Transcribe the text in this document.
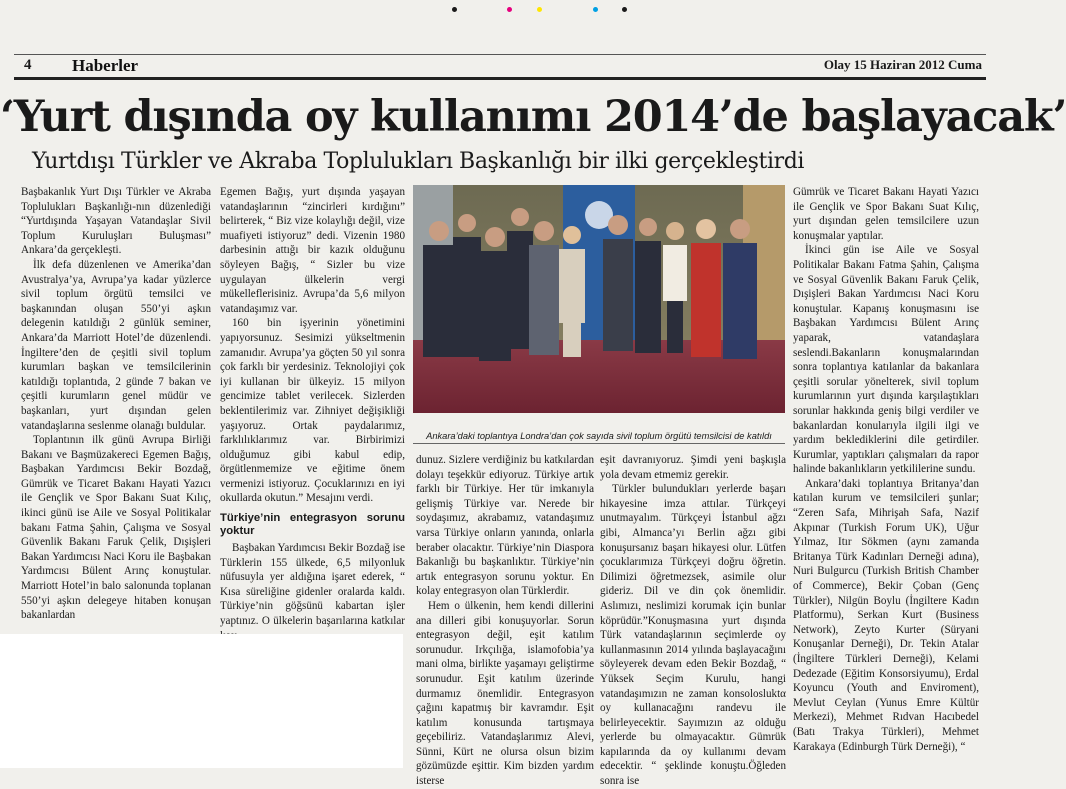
4 Haberler	Olay 15 Haziran 2012 Cuma
‘Yurt dışında oy kullanımı 2014’de başlayacak’
Yurtdışı Türkler ve Akraba Toplulukları Başkanlığı bir ilki gerçekleştirdi

Başbakanlık Yurt Dışı Türkler ve Akraba Toplulukları Başkanlığı-nın düzenlediği “Yurtdışında Yaşayan Vatandaşlar Sivil Toplum Kuruluşları Buluşması” Ankara’da gerçekleşti.

İlk defa düzenlenen ve Amerika’dan Avustralya’ya, Avrupa’ya kadar yüzlerce sivil toplum örgütü temsilci ve başkanından oluşan 550’yi aşkın delegenin katıldığı 2 günlük seminer, Ankara’da Marriott Hotel’de düzenlendi. İngiltere’den de çeşitli sivil toplum kurumları başkan ve temsilcilerinin katıldığı toplantıda, 2 günde 7 bakan ve çeşitli kurumların genel müdür ve başkanları, yurt dışından gelen vatandaşlarına seslenme olanağı buldular.

Toplantının ilk günü Avrupa Birliği Bakanı ve Başmüzakereci Egemen Bağış, Başbakan Yardımcısı Bekir Bozdağ, Gümrük ve Ticaret Bakanı Hayati Yazıcı ile Gençlik ve Spor Bakanı Suat Kılıç, ikinci günü ise Aile ve Sosyal Politikalar bakanı Fatma Şahin, Çalışma ve Sosyal Güvenlik Bakanı Faruk Çelik, Dışişleri Bakan Yardımcısı Naci Koru ile Başbakan Yardımcısı Bülent Arınç konuştular. Marriott Hotel’in balo salonunda toplanan 550’yi aşkın delegeye hitaben konuşan bakanlardan

Egemen Bağış, yurt dışında yaşayan vatandaşlarının “zincirleri kırdığını” belirterek, “ Biz vize kolaylığı değil, vize muafiyeti istiyoruz” dedi. Vizenin 1980 darbesinin attığı bir kazık olduğunu söyleyen Bağış, “ Sizler bu vize uygulayan ülkelerin vergi mükelleflerisiniz. Avrupa’da 5,6 milyon vatandaşımız var.

160 bin işyerinin yönetimini yapıyorsunuz. Sesimizi yükseltmenin zamanıdır. Avrupa’ya göçten 50 yıl sonra çok farklı bir yerdesiniz. Teknolojiyi çok iyi kullanan bir ülkeyiz. 15 milyon gencimize tablet verilecek. Sizlerden beklentilerimiz var. Zihniyet değişikliği yaşıyoruz. Ortak paydalarımız, farklılıklarımız var. Birbirimizi olduğumuz gibi kabul edip, örgütlenmemize ve eğitime önem vermenizi istiyoruz. Çocuklarınızı en iyi okullarda okutun.” Mesajını verdi.

Türkiye’nin entegrasyon sorunu yoktur

Başbakan Yardımcısı Bekir Bozdağ ise Türklerin 155 ülkede, 6,5 milyonluk nüfusuyla yer aldığına işaret ederek, “ Kısa süreliğine gidenler oralarda kaldı. Türkiye’nin göğsünü kabartan işler yaptınız. O ülkelerin başarılarına katkılar

Ankara’daki toplantıya Londra’dan çok sayıda sivil toplum örgütü temsilcisi de katıldı

dunuz. Sizlere verdiğiniz bu katkılardan dolayı teşekkür ediyoruz. Türkiye artık farklı bir Türkiye. Her tür imkanıyla gelişmiş Türkiye var. Nerede bir soydaşımız, akrabamız, vatandaşımız varsa Türkiye onların yanında, onlarla beraber olacaktır. Türkiye’nin Diaspora Bakanlığı bu başkanlıktır. Türkiye’nin artık entegrasyon sorunu yoktur. En kolay entegrasyon olan Türklerdir.

Hem o ülkenin, hem kendi dillerini ana dilleri gibi konuşuyorlar. Sorun entegrasyon değil, eşit katılım sorunudur. Irkçılığa, islamofobia’ya mani olma, birlikte yaşamayı geliştirme sorunudur. Eşit katılım üzerinde durmamız önemlidir. Entegrasyon çağını kapatmış bir kavramdır. Eşit katılım konusunda tartışmaya geçebiliriz. Vatandaşlarımız Alevi, Sünni, Kürt ne olursa olsun bizim gözümüzde eşittir. Kim bizden yardım isterse

eşit davranıyoruz. Şimdi yeni başkışla yola devam etmemiz gerekir.

Türkler bulundukları yerlerde başarı hikayesine imza attılar. Türkçeyi unutmayalım. Türkçeyi İstanbul ağzı gibi, Almanca’yı Berlin ağzı gibi konuşursanız başarı hikayesi olur. Lütfen çocuklarımıza Türkçeyi doğru öğretin. Dilimizi öğretmezsek, asimile olur gideriz. Dil ve din çok önemlidir. Aslımızı, neslimizi korumak için bunlar köprüdür.”Konuşmasına yurt dışında Türk vatandaşlarının seçimlerde oy kullanmasının 2014 yılında başlayacağını söyleyerek devam eden Bekir Bozdağ, “ Yüksek Seçim Kurulu, hangi vatandaşımızın ne zaman konsolosluktα oy kullanacağını randevu ile belirleyecektir. Sayımızın az olduğu yerlerde bu olmayacaktır. Gümrük kapılarında da oy kullanımı devam edecektir. “ şeklinde konuştu.Öğleden sonra ise

Gümrük ve Ticaret Bakanı Hayati Yazıcı ile Gençlik ve Spor Bakanı Suat Kılıç, yurt dışından gelen temsilcilere uzun konuşmalar yaptılar.

İkinci gün ise Aile ve Sosyal Politikalar Bakanı Fatma Şahin, Çalışma ve Sosyal Güvenlik Bakanı Faruk Çelik, Dışişleri Bakan Yardımcısı Naci Koru konuştular. Kapanış konuşmasını ise Başbakan Yardımcısı Bülent Arınç yaparak, vatandaşlara seslendi.Bakanların konuşmalarından sonra toplantıya katılanlar da bakanlara çeşitli sorular yönelterek, sivil toplum kurumlarının yurt dışında karşılaştıkları sorunlar hakkında geniş bilgi verdiler ve bakanlardan konularıyla ilgili ilgi ve yardım beklediklerini dile getirdiler. Kurumlar, yaptıkları çalışmaları da rapor halinde bakanlıkların yetkililerine sundu.

Ankara’daki toplantıya Britanya’dan katılan kurum ve temsilcileri şunlar; “Zeren Safa, Mihrişah Safa, Nazif Akpınar (Turkish Forum UK), Uğur Yılmaz, Itır Sökmen (aynı zamanda Britanya Türk Kadınları Derneği adına), Nuri Bulgurcu (Turkish British Chamber of Commerce), Bekir Çoban (Genç Türkler), Nilgün Boylu (İngiltere Kadın Platformu), Serkan Kurt (Business Network), Zeyto Kurter (Süryani Konuşanlar Derneği), Dr. Tekin Atalar (İngiltere Türkleri Derneği), Kelami Dedezade (Eğitim Konsorsiyumu), Erdal Koyuncu (Youth and Enviroment), Mevlut Ceylan (Yunus Emre Kültür Merkezi), Mehmet Rıdvan Hacıbedel (Batı Trakya Türkleri), Mehmet Karakaya (Edinburgh Türk Derneği), “
